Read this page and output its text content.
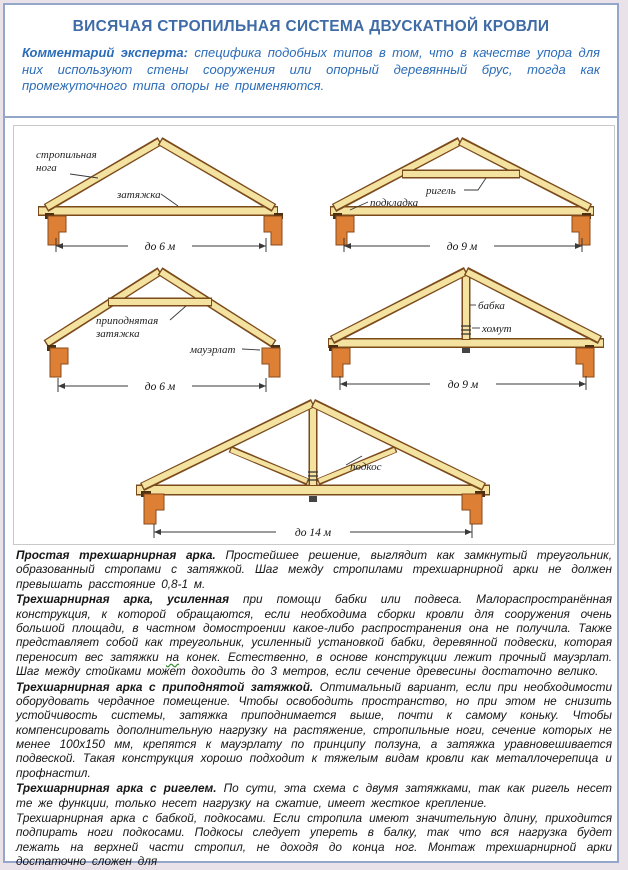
ВИСЯЧАЯ СТРОПИЛЬНАЯ СИСТЕМА ДВУСКАТНОЙ КРОВЛИ

Комментарий эксперта: специфика подобных типов в том, что в качестве упора для них используют стены сооружения или опорный деревянный брус, тогда как промежуточного типа опоры не применяются.

стропильная
нога
затяжка
до 6 м
ригель
подкладка
до 9 м
приподнятая
затяжка
мауэрлат
до 6 м
бабка
хомут
до 9 м
подкос
до 14 м

Простая трехшарнирная арка. Простейшее решение, выглядит как замкнутый треугольник, образованный стропами с затяжкой. Шаг между стропилами трехшарнирной арки не должен превышать расстояние 0,8-1 м.

Трехшарнирная арка, усиленная при помощи бабки или подвеса. Малораспространённая конструкция, к которой обращаются, если необходима сборки кровли для сооружения очень большой площади, в частном домостроении какое-либо распространения она не получила. Также представляет собой как треугольник, усиленный установкой бабки, деревянной подвески, которая переносит вес затяжки на конек. Естественно, в основе конструкции лежит прочный мауэрлат. Шаг между стойками может доходить до 3 метров, если сечение древесины достаточно велико.

Трехшарнирная арка с приподнятой затяжкой. Оптимальный вариант, если при необходимости оборудовать чердачное помещение. Чтобы освободить пространство, но при этом не снизить устойчивость системы, затяжка приподнимается выше, почти к самому коньку. Чтобы компенсировать дополнительную нагрузку на растяжение, стропильные ноги, сечение которых не менее 100х150 мм, крепятся к мауэрлату по принципу ползуна, а затяжка уравновешивается подвеской. Такая конструкция хорошо подходит к тяжелым видам кровли как металлочерепица и профнастил.

Трехшарнирная арка с ригелем. По сути, эта схема с двумя затяжками, так как ригель несет те же функции, только несет нагрузку на сжатие, имеет жесткое крепление.

Трехшарнирная арка с бабкой, подкосами. Если стропила имеют значительную длину, приходится подпирать ноги подкосами. Подкосы следует упереть в балку, так что вся нагрузка будет лежать на верхней части стропил, не доходя до конца ног. Монтаж трехшарнирной арки достаточно сложен для
